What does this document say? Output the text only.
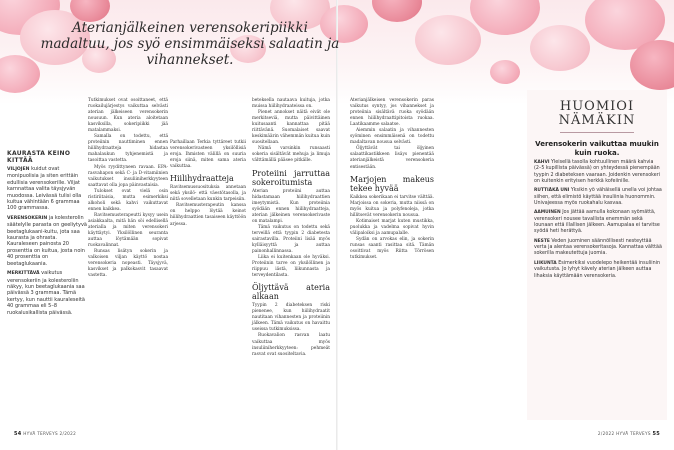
Aterianjälkeinen verensokeripiikki madaltuu, jos syö ensimmäiseksi salaatin ja vihannekset.
KAURASTA KEINO KITTÄÄ

VILJOJEN kuidut ovat monipuolisia ja siten erittäin edullisia verensokerille. Viljat karnnattaa valita täysjyvän muodossa. Leivässä tulisi olla kuitua vähintään 6 grammaa 100 grammassa.

VERENSOKERIN ja kolesterolin säätelylle parasta on geeliytyvä beetaglukaani-kuitu, jota saa kaurasta ja ohrasta. Kauraleseen painosta 20 prosenttia on kuitua, josta noin 40 prosenttia on beetaglukaania.

MERKITTÄVÄ vaikutus verensokeriin ja kolesteroliin näkyy, kun beetaglukaania saa päivässä 3 grammaa. Tämä kertyy, kun nauttii kauraleseitä 40 grammaa eli 5–8 ruokalusikallista päivässä.

Tutkimukset ovat osoittaneet, että ruokailujärjestys vaikuttaa selvästi aterian jälkeiseen verensokerin nousuun. Kun ateria aloitetaan kasviksilla, sokeripiikki jää matalammaksi.

Samalla on todettu, että proteiinin nauttiminen ennen hiilihydraatteja hidastaa mahalaukun tyhjenemistä ja tasoittaa vastetta.

Myös ryydittyneen ravaan. EPA-rasvahapon sekä C- ja D-vitamiinien vaikutukset insuliiniherkkyyteen saattavat olla jopa päinvastaisia.

Tulokset ovat vielä osin ristiriitaisia, mutta esimerkiksi alkoholi sekä kahvi vaikuttavat ennen kaikkea.

Ravitsemusterapeutti kysyy usein asiakkaalta, mitä hän söi edellisellä aterialla ja miten verensokeri käyttäytyi. Yksilöllinen seuranta auttaa löytämään sopivat ruokavalinnat.

Runsas lisätyn sokerin ja valkoisen viljan käyttö nostaa verensokeria nopeasti. Täysjyvä, kasvikset ja palkokasvit tasaavat vastetta.

Parhaillaan Terkia tyttäreet tutkii verensokerivasteen yksilöllisiä eroja. Ihmisten välillä on suuria eroja siinä, miten sama ateria vaikuttaa.

Hiilihydraatteja

Ravitsemussuosituksia annetaan sekä yksilö- että väestötasolla, ja niitä sovelletaan kunkin tarpeisiin.

Ravitsemusterapeutin kanssa on helppo löytää keinot hiilihydraattien tasaiseen käyttöön arjessa.

beteksella nautaava kuituja, jotka muissa hiilihydraateissa on.

Pienet annokset näitä eivät ole merkitseviä, mutta päivittäinen kuitusaanti kannattaa pitää riittävänä. Suomalaiset saavat keskimäärin vähemmän kuitua kuin suositellaan.

Nämä varsinkin runsaasti sokeria sisältävät mehuja ja limuja välttämällä pääsee pitkälle.

Proteiini jarruttaa sokeroitumista

Aterian proteiini auttaa hidastamaan hiilihydraattien imeytymistä. Kun proteiinia syödään ennen hiilihydraatteja, aterian jälkeinen verensokerivaste on matalampi.

Tämä vaikutus on todettu sekä terveillä että tyypin 2 diabetesta sairastavilla. Proteiini lisää myös kylläisyyttä ja auttaa painonhallinnassa.

Liika ei kuitenkaan ole hyväksi. Proteiinin tarve on yksilöllinen ja riippuu iästä, liikunnasta ja terveydentilasta.

Öljyttävä ateria alkaan

Tyypin 2 diabeteksen riski pienenee, kun hiilihydraatit nautitaan vihannesten ja proteiinin jälkeen. Tämä vaikutus on havaittu useissa tutkimuksissa.

Ruokavalion rasvan laatu vaikuttaa myös insuliiniherkkyyteen: pehmeät rasvat ovat suositeltavia.

Aterianjälkeisen verensokerin paras vaikutus syntyy, jos vihannekset ja proteiinia sisältävä ruoka syödään ennen hiilihydraattipitoista ruokaa. Laatikaamme salaatse.

Aiemmin salaatin ja vihannesten syöminen ensimmäisenä on todettu madaltavan nousua selvästi.

Öljyttävät tai öljyinen salaattikastikkeen lisäys pienentää aterianjälkeistä verensokeria entisestään.

Marjojen makeus tekee hyvää

Kaikkea sokerikaan ei tarvitse välttää. Marjoissa on sokeria, mutta niissä on myös kuitua ja polyfenoleja, jotka hillitsevät verensokerin nousua.

Kotimaiset marjat kuten mustikka, puolukka ja vadelma sopivat hyvin välipaloiksi ja aamupalalle.

Sydän on arvokas elin, ja sokerin runsas saanti rasittaa sitä. Tämän osoittivat myös Riitta Törrösen tutkimukset.

HUOMIOI
NÄMÄKIN
Verensokerin vaikuttaa muukin kuin ruoka.

KAHVI Yleisellä tasolla kohtuullinen määrä kahvia (2–5 kupillista päivässä) on yhteydessä pienempään tyypin 2 diabeteksen vaaraan. Joidenkin verensokeri on kuitenkin erityisen herkkä kofeiinille.

RUTTIÄKÄ UNI Yksikin yö vähäisellä unella voi johtaa siihen, että elimistö käyttää insuliinia huonommin. Univajeessa myös ruokahalu kasvaa.

AAMUINEN Jos jättää aamulla kokonaan syömättä, verensokeri nousee tavallista enemmän sekä lounaan että illallisen jälkeen. Aamupalaa ei tarvitse syödä heti herättyä.

NESTE Veden juominen säännöllisesti nesteyttää verta ja alentaa verensokeritasoja. Kannattaa välttää sokerilla makeutettuja juomia.

LIIKUNTA Esimerkiksi vuodelepo heikentää insuliinin vaikutusta. Jo lyhyt kävely aterian jälkeen auttaa lihaksia käyttämään verensokeria.

54 HYVÄ TERVEYS 2/2022	2/2022 HYVÄ TERVEYS 55
